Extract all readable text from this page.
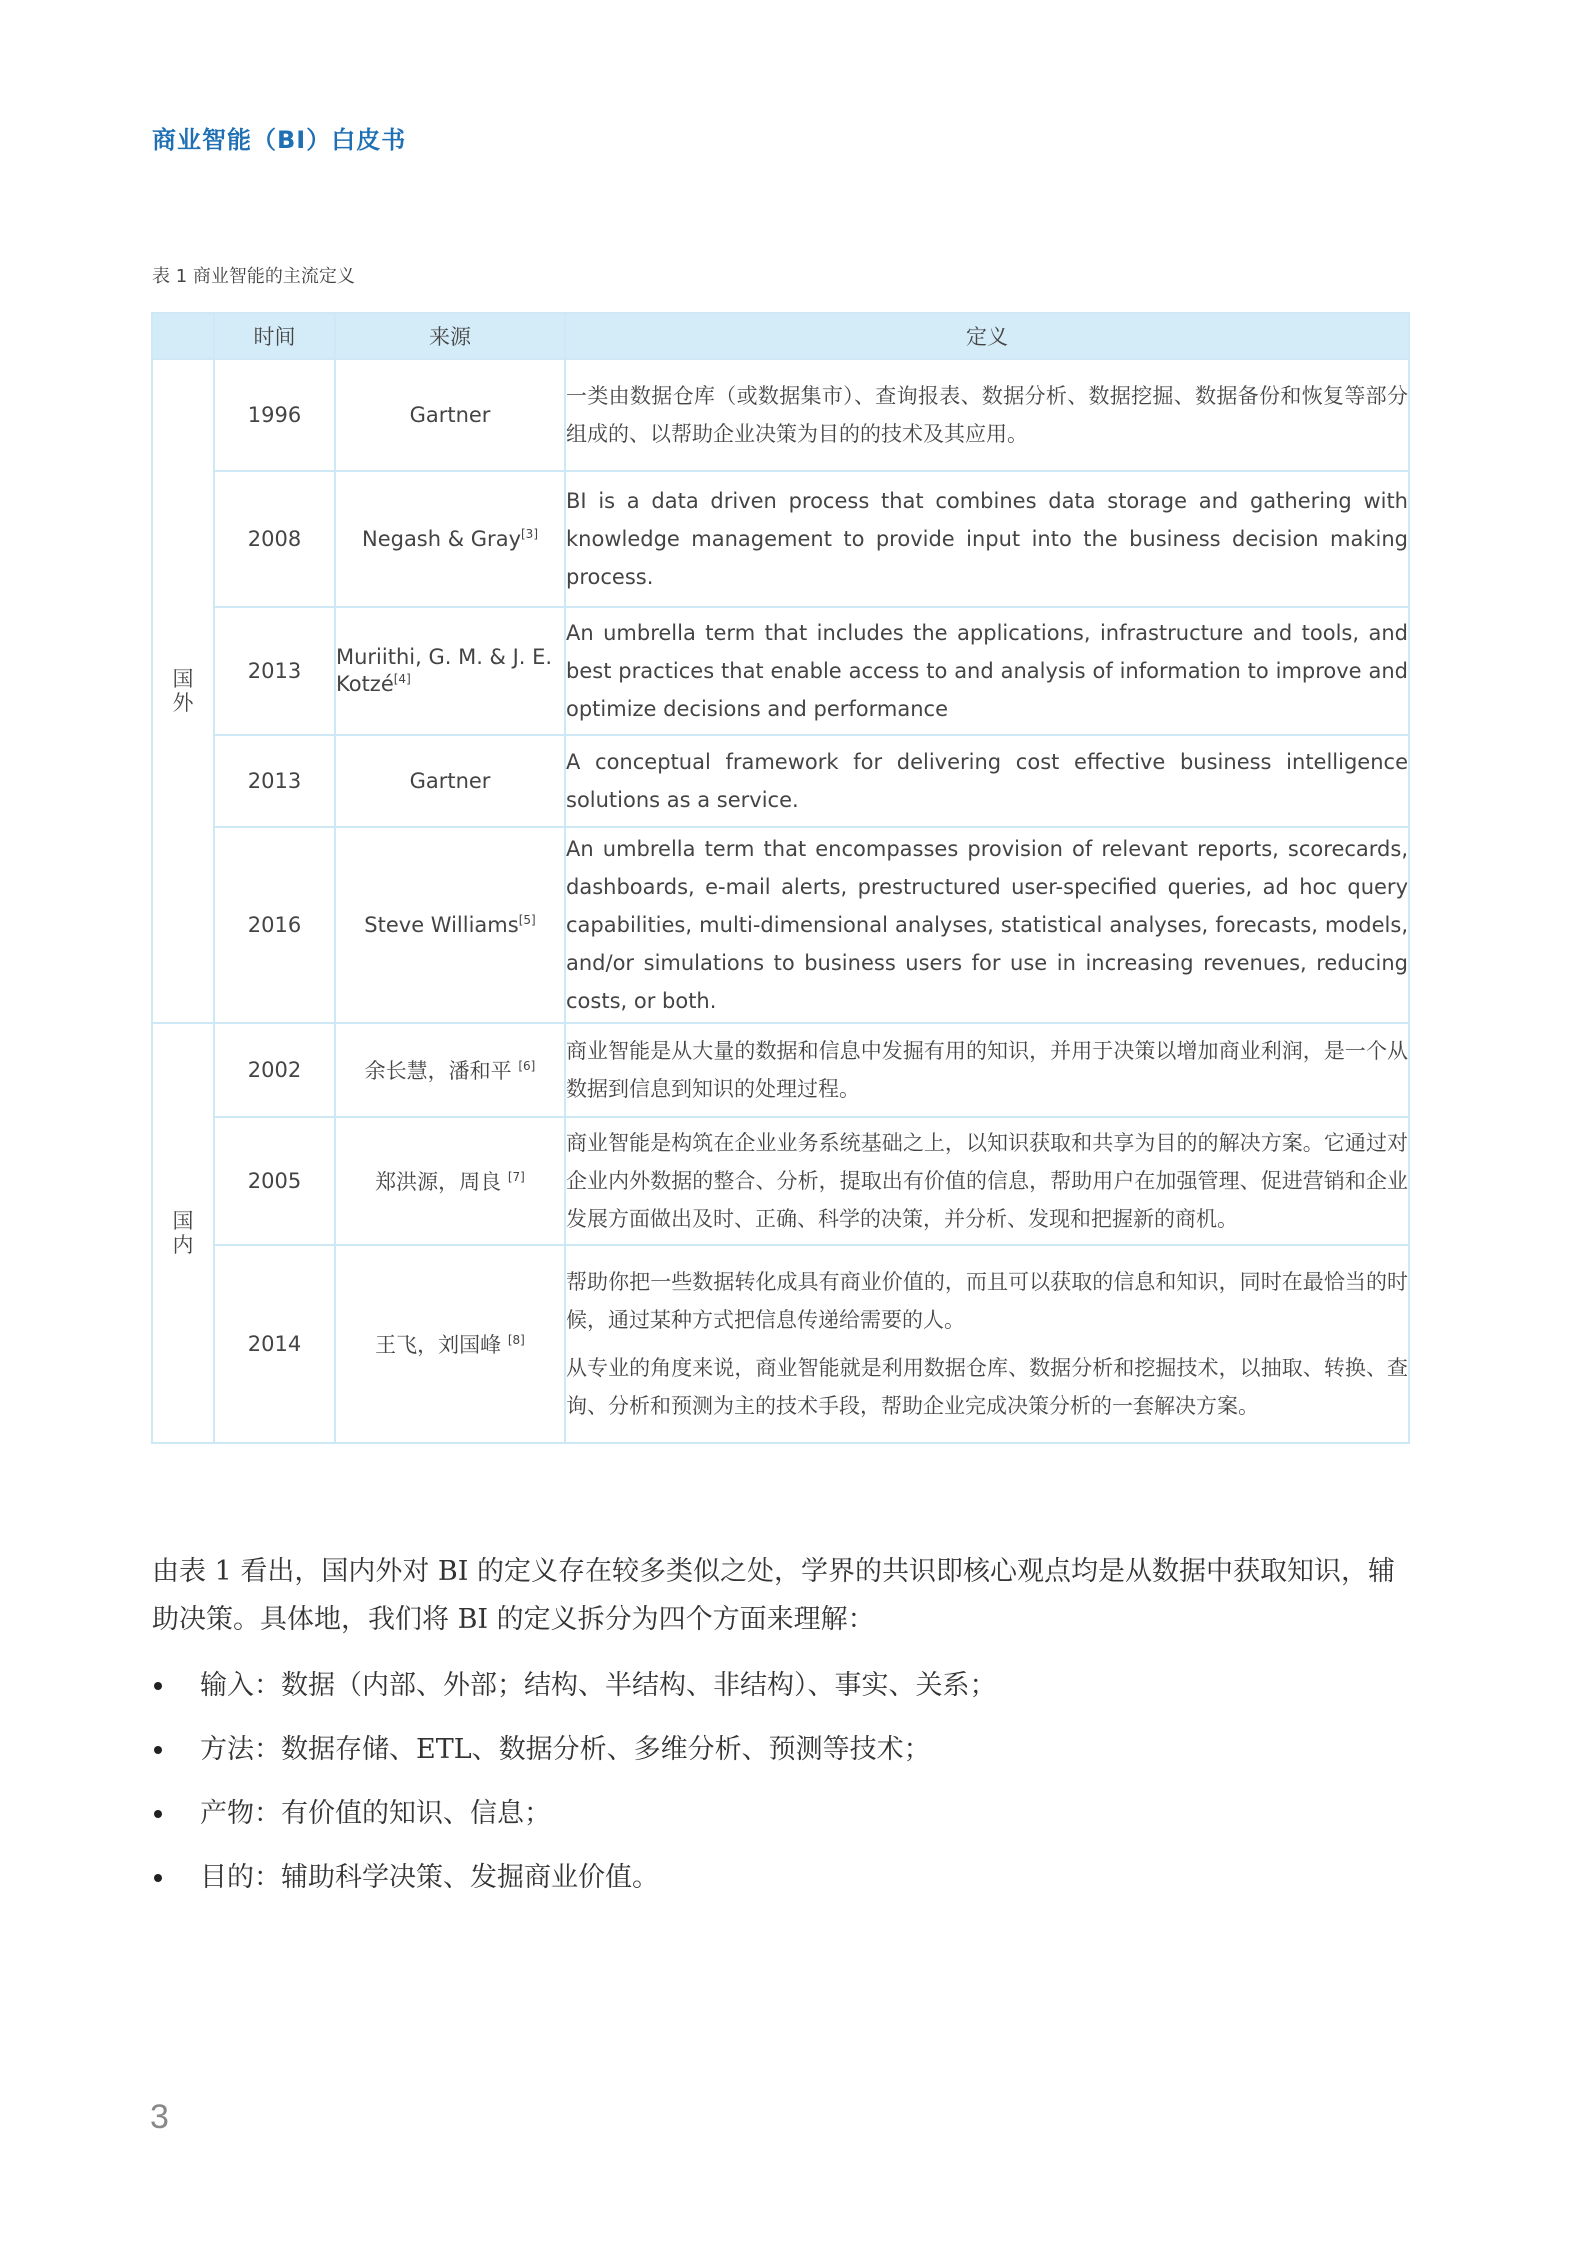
商业智能（BI）白皮书
表 1 商业智能的主流定义
	时间	来源	定义

国
外	1996	Gartner	一类由数据仓库（或数据集市）、查询报表、数据分析、数据挖掘、数据备份和恢复等部分组成的、以帮助企业决策为目的的技术及其应用。

	2008	Negash & Gray[3]	BI is a data driven process that combines data storage and gathering with knowledge management to provide input into the business decision making process.

	2013	Muriithi, G. M. & J. E. Kotzé[4]	An umbrella term that includes the applications, infrastructure and tools, and best practices that enable access to and analysis of information to improve and optimize decisions and performance

	2013	Gartner	A conceptual framework for delivering cost effective business intelligence solutions as a service.

	2016	Steve Williams[5]	An umbrella term that encompasses provision of relevant reports, scorecards, dashboards, e-mail alerts, prestructured user-specified queries, ad hoc query capabilities, multi-dimensional analyses, statistical analyses, forecasts, models, and/or simulations to business users for use in increasing revenues, reducing costs, or both.

国
内	2002	余长慧，潘和平 [6]	商业智能是从大量的数据和信息中发掘有用的知识，并用于决策以增加商业利润，是一个从数据到信息到知识的处理过程。

	2005	郑洪源，周良 [7]	商业智能是构筑在企业业务系统基础之上，以知识获取和共享为目的的解决方案。它通过对企业内外数据的整合、分析，提取出有价值的信息，帮助用户在加强管理、促进营销和企业发展方面做出及时、正确、科学的决策，并分析、发现和把握新的商机。

	2014	王飞，刘国峰 [8]	帮助你把一些数据转化成具有商业价值的，而且可以获取的信息和知识，同时在最恰当的时候，通过某种方式把信息传递给需要的人。

从专业的角度来说，商业智能就是利用数据仓库、数据分析和挖掘技术，以抽取、转换、查询、分析和预测为主的技术手段，帮助企业完成决策分析的一套解决方案。

由表 1 看出，国内外对 BI 的定义存在较多类似之处，学界的共识即核心观点均是从数据中获取知识，辅助决策。具体地，我们将 BI 的定义拆分为四个方面来理解：

输入：数据（内部、外部；结构、半结构、非结构）、事实、关系；
方法：数据存储、ETL、数据分析、多维分析、预测等技术；
产物：有价值的知识、信息；
目的：辅助科学决策、发掘商业价值。
3
